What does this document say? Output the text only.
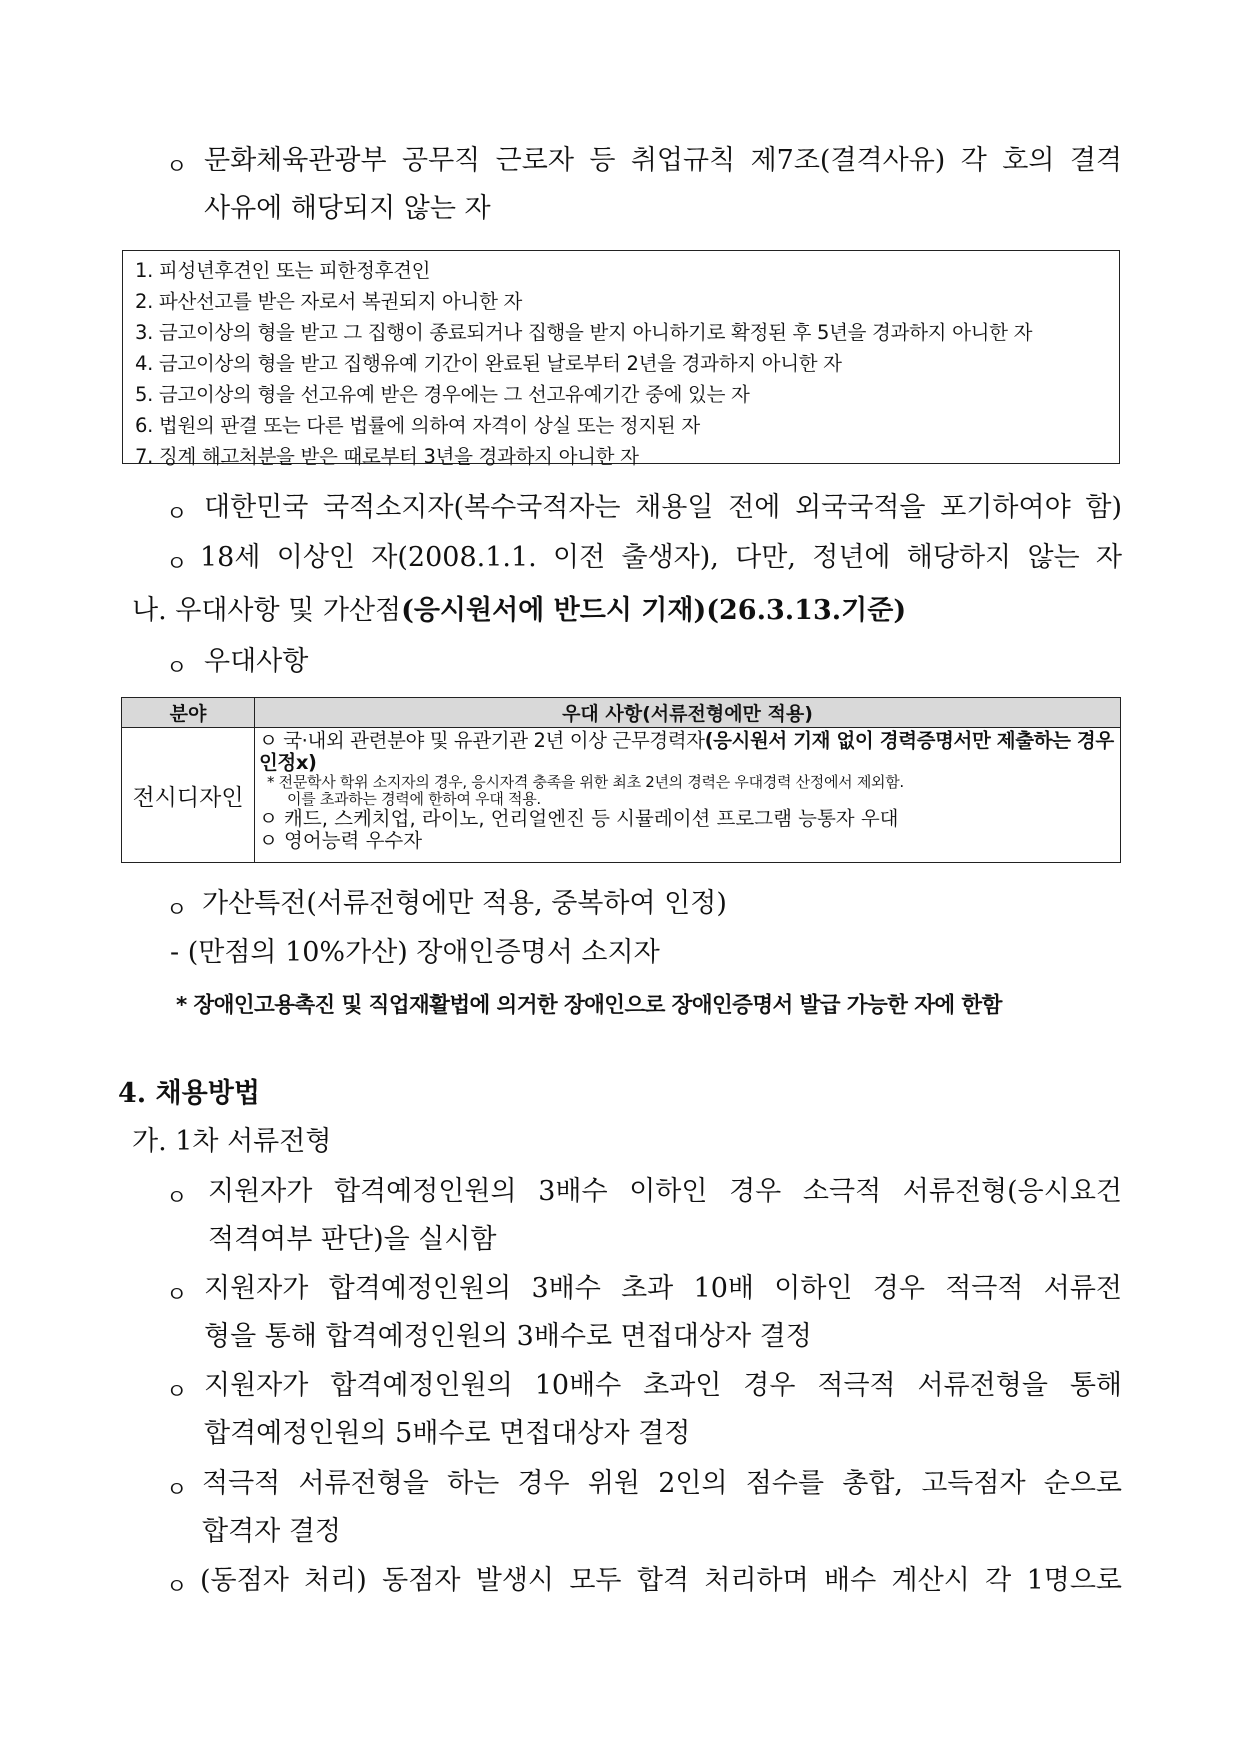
ㅇ 문화체육관광부 공무직 근로자 등 취업규칙 제7조(결격사유) 각 호의 결격
사유에 해당되지 않는 자
1. 피성년후견인 또는 피한정후견인
2. 파산선고를 받은 자로서 복권되지 아니한 자
3. 금고이상의 형을 받고 그 집행이 종료되거나 집행을 받지 아니하기로 확정된 후 5년을 경과하지 아니한 자
4. 금고이상의 형을 받고 집행유예 기간이 완료된 날로부터 2년을 경과하지 아니한 자
5. 금고이상의 형을 선고유예 받은 경우에는 그 선고유예기간 중에 있는 자
6. 법원의 판결 또는 다른 법률에 의하여 자격이 상실 또는 정지된 자
7. 징계 해고처분을 받은 때로부터 3년을 경과하지 아니한 자
ㅇ 대한민국 국적소지자(복수국적자는 채용일 전에 외국국적을 포기하여야 함)
ㅇ 18세 이상인 자(2008.1.1. 이전 출생자), 다만, 정년에 해당하지 않는 자
나. 우대사항 및 가산점(응시원서에 반드시 기재)(26.3.13.기준)
ㅇ 우대사항
분야	우대 사항(서류전형에만 적용)
전시디자인	ㅇ 국·내외 관련분야 및 유관기관 2년 이상 근무경력자(응시원서 기재 없이 경력증명서만 제출하는 경우 인정x)
* 전문학사 학위 소지자의 경우, 응시자격 충족을 위한 최초 2년의 경력은 우대경력 산정에서 제외함.
이를 초과하는 경력에 한하여 우대 적용.
ㅇ 캐드, 스케치업, 라이노, 언리얼엔진 등 시뮬레이션 프로그램 능통자 우대
ㅇ 영어능력 우수자
ㅇ 가산특전(서류전형에만 적용, 중복하여 인정)
- (만점의 10%가산) 장애인증명서 소지자
* 장애인고용촉진 및 직업재활법에 의거한 장애인으로 장애인증명서 발급 가능한 자에 한함
4. 채용방법
가. 1차 서류전형
ㅇ 지원자가 합격예정인원의 3배수 이하인 경우 소극적 서류전형(응시요건
적격여부 판단)을 실시함
ㅇ 지원자가 합격예정인원의 3배수 초과 10배 이하인 경우 적극적 서류전
형을 통해 합격예정인원의 3배수로 면접대상자 결정
ㅇ 지원자가 합격예정인원의 10배수 초과인 경우 적극적 서류전형을 통해
합격예정인원의 5배수로 면접대상자 결정
ㅇ 적극적 서류전형을 하는 경우 위원 2인의 점수를 총합, 고득점자 순으로
합격자 결정
ㅇ (동점자 처리) 동점자 발생시 모두 합격 처리하며 배수 계산시 각 1명으로
